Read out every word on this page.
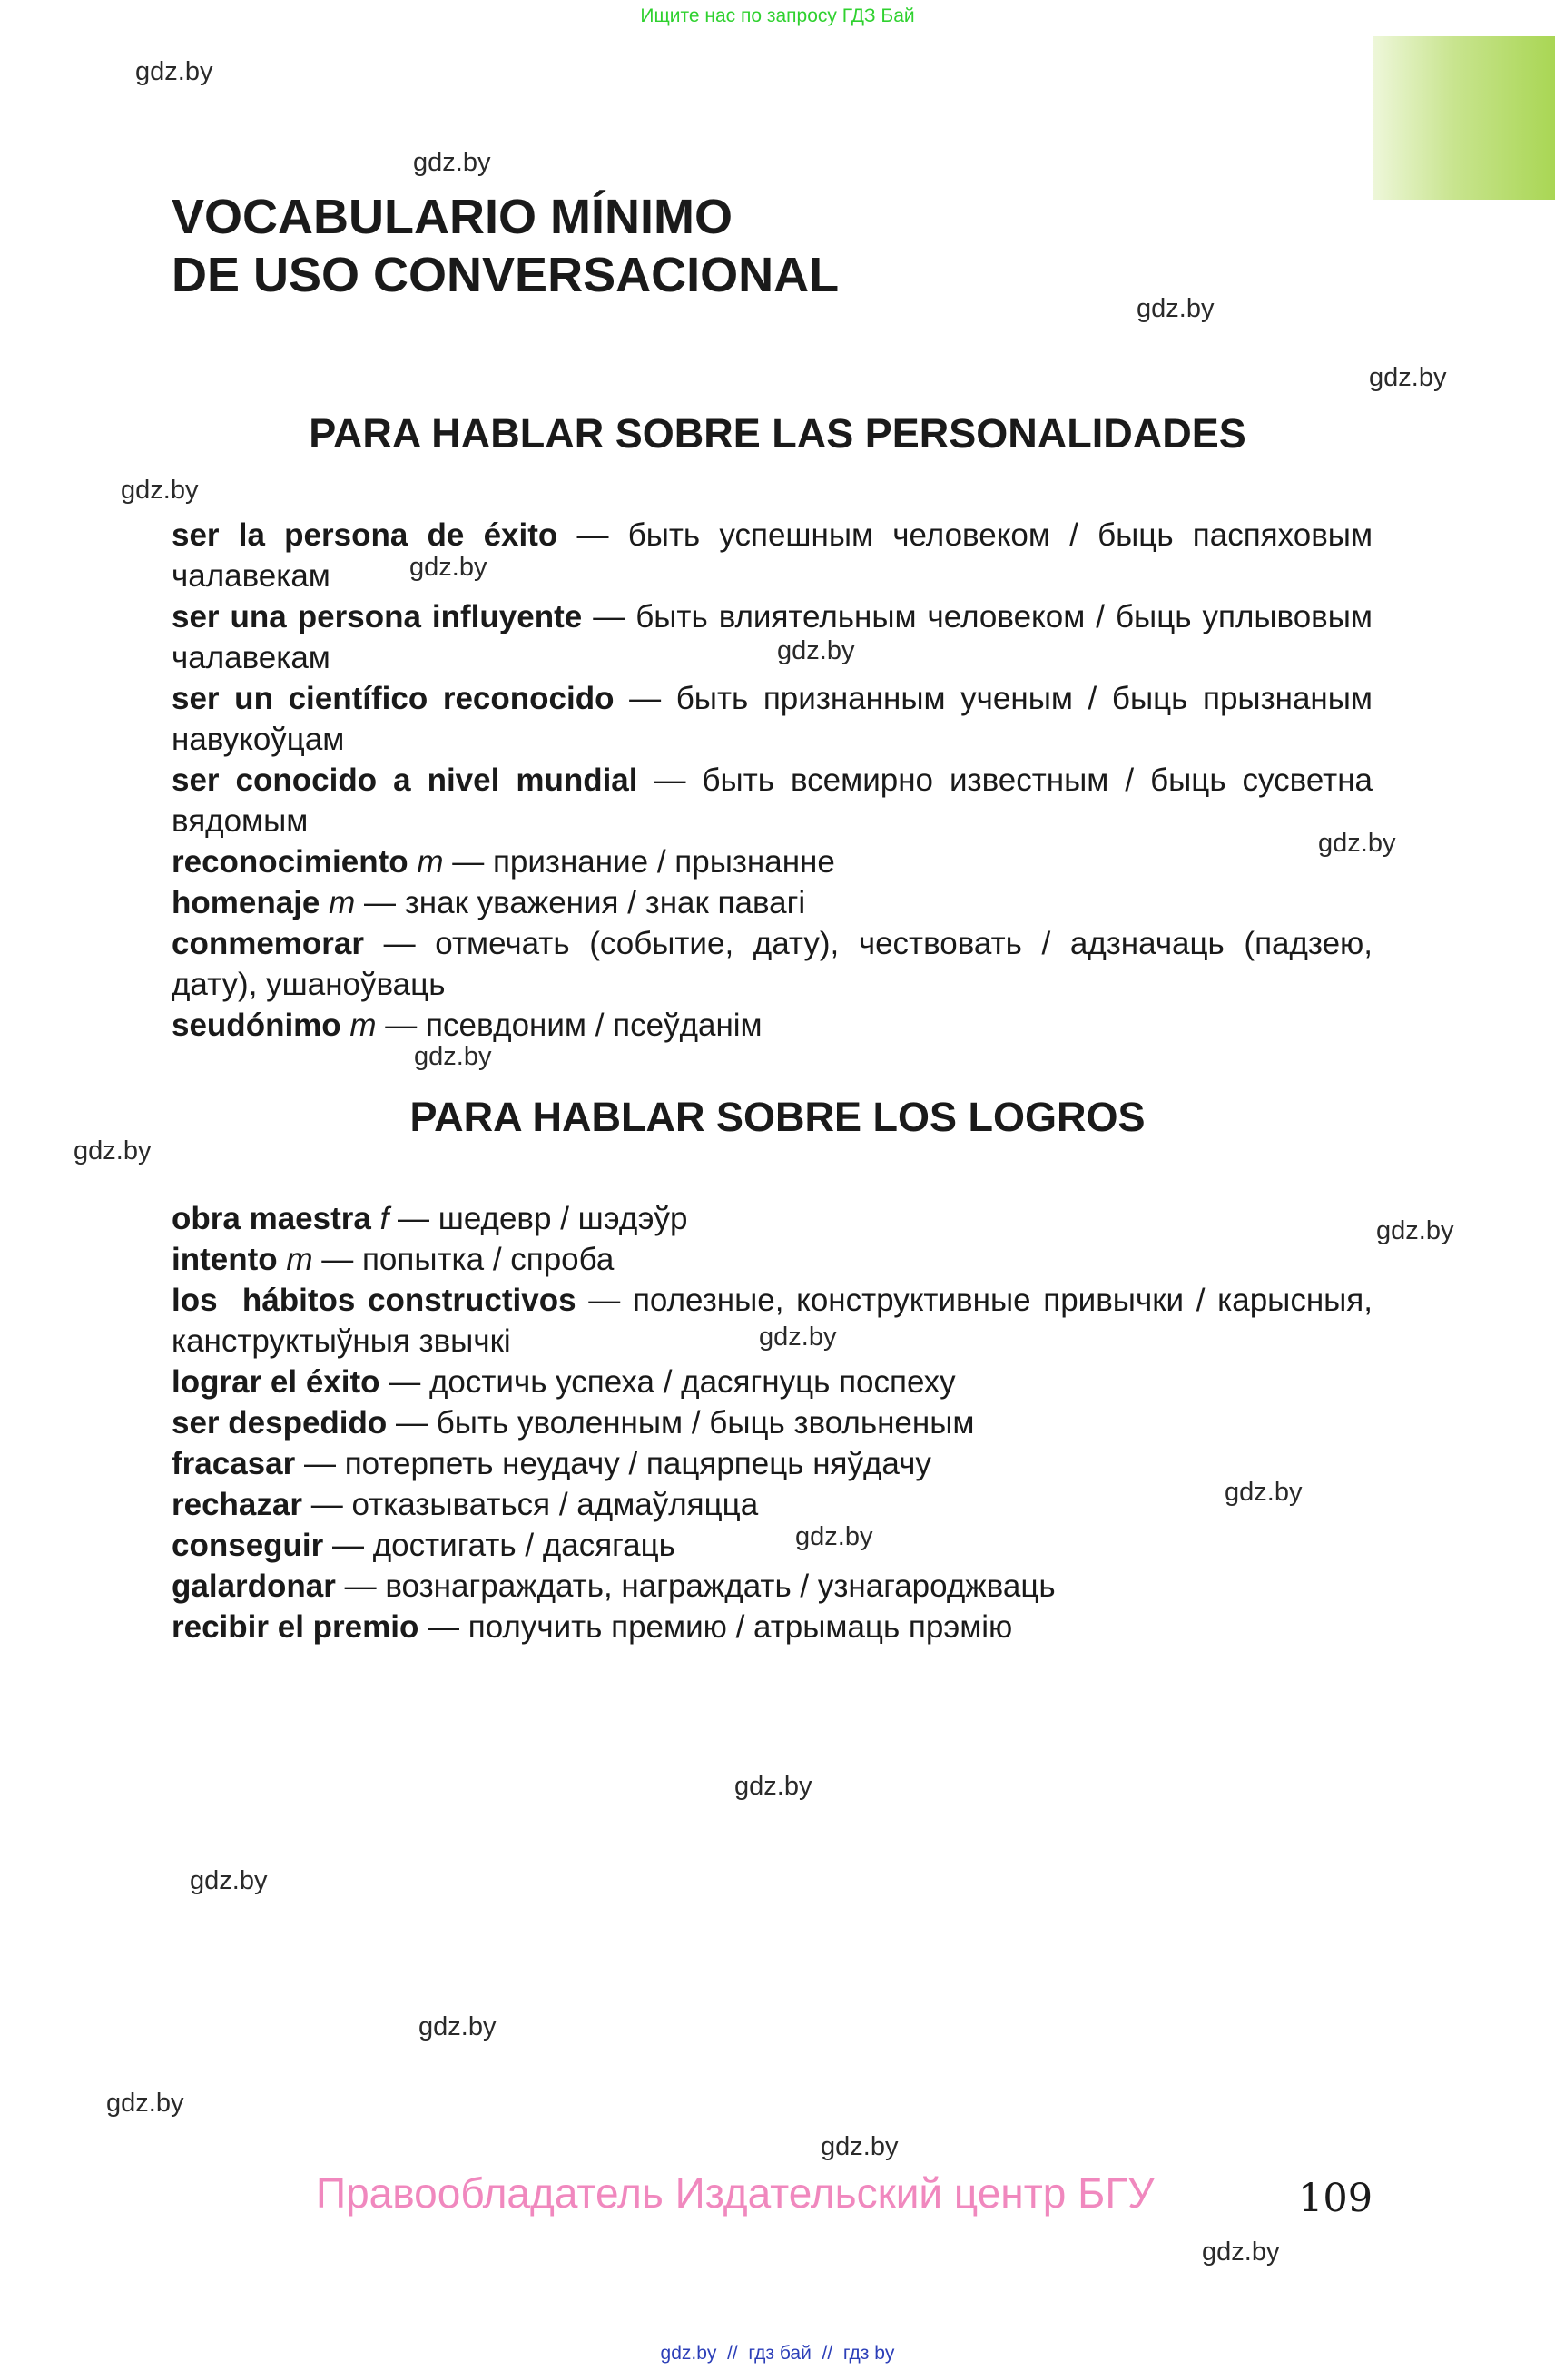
Ищите нас по запросу ГДЗ Бай
gdz.by
gdz.by
gdz.by
gdz.by
gdz.by
gdz.by
gdz.by
gdz.by
gdz.by
gdz.by
gdz.by
gdz.by
gdz.by
gdz.by
gdz.by
gdz.by
gdz.by
gdz.by
gdz.by
gdz.by
VOCABULARIO MÍNIMO
DE USO CONVERSACIONAL
PARA HABLAR SOBRE LAS PERSONALIDADES
ser la persona de éxito — быть успешным человеком / быць паспяховым чалавекам
ser una persona influyente — быть влиятельным человеком / быць уплывовым чалавекам
ser un científico reconocido — быть признанным ученым / быць прызнаным навукоўцам
ser conocido a nivel mundial — быть всемирно известным / быць сусветна вядомым
reconocimiento m — признание / прызнанне
homenaje m — знак уважения / знак павагі
conmemorar — отмечать (событие, дату), чествовать / адзначаць (падзею, дату), ушаноўваць
seudónimo m — псевдоним / псеўданім
PARA HABLAR SOBRE LOS LOGROS
obra maestra f — шедевр / шэдэўр
intento m — попытка / спроба
los  hábitos constructivos — полезные, конструктивные привычки / карысныя, канструктыўныя звычкі
lograr el éxito — достичь успеха / дасягнуць поспеху
ser despedido — быть уволенным / быць звольненым
fracasar — потерпеть неудачу / пацярпець няўдачу
rechazar — отказываться / адмаўляцца
conseguir — достигать / дасягаць
galardonar — вознаграждать, награждать / узнагароджваць
recibir el premio — получить премию / атрымаць прэмію
Правообладатель Издательский центр БГУ	109
gdz.by  //  гдз бай  //  гдз by
